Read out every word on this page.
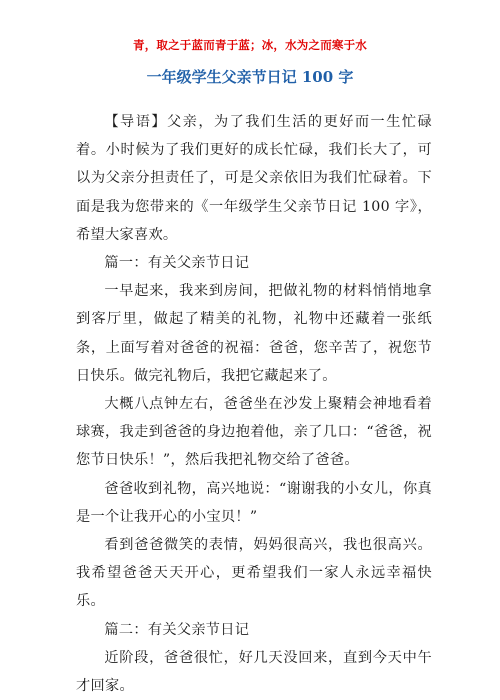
青，取之于蓝而青于蓝；冰，水为之而寒于水
一年级学生父亲节日记 100 字

【导语】父亲，为了我们生活的更好而一生忙碌着。小时候为了我们更好的成长忙碌，我们长大了，可以为父亲分担责任了，可是父亲依旧为我们忙碌着。下面是我为您带来的《一年级学生父亲节日记 100 字》，希望大家喜欢。

篇一：有关父亲节日记

一早起来，我来到房间，把做礼物的材料悄悄地拿到客厅里，做起了精美的礼物，礼物中还藏着一张纸条，上面写着对爸爸的祝福：爸爸，您辛苦了，祝您节日快乐。做完礼物后，我把它藏起来了。

大概八点钟左右，爸爸坐在沙发上聚精会神地看着球赛，我走到爸爸的身边抱着他，亲了几口：“爸爸，祝您节日快乐！”，然后我把礼物交给了爸爸。

爸爸收到礼物，高兴地说：“谢谢我的小女儿，你真是一个让我开心的小宝贝！”

看到爸爸微笑的表情，妈妈很高兴，我也很高兴。我希望爸爸天天开心，更希望我们一家人永远幸福快乐。

篇二：有关父亲节日记

近阶段，爸爸很忙，好几天没回来，直到今天中午才回家。
